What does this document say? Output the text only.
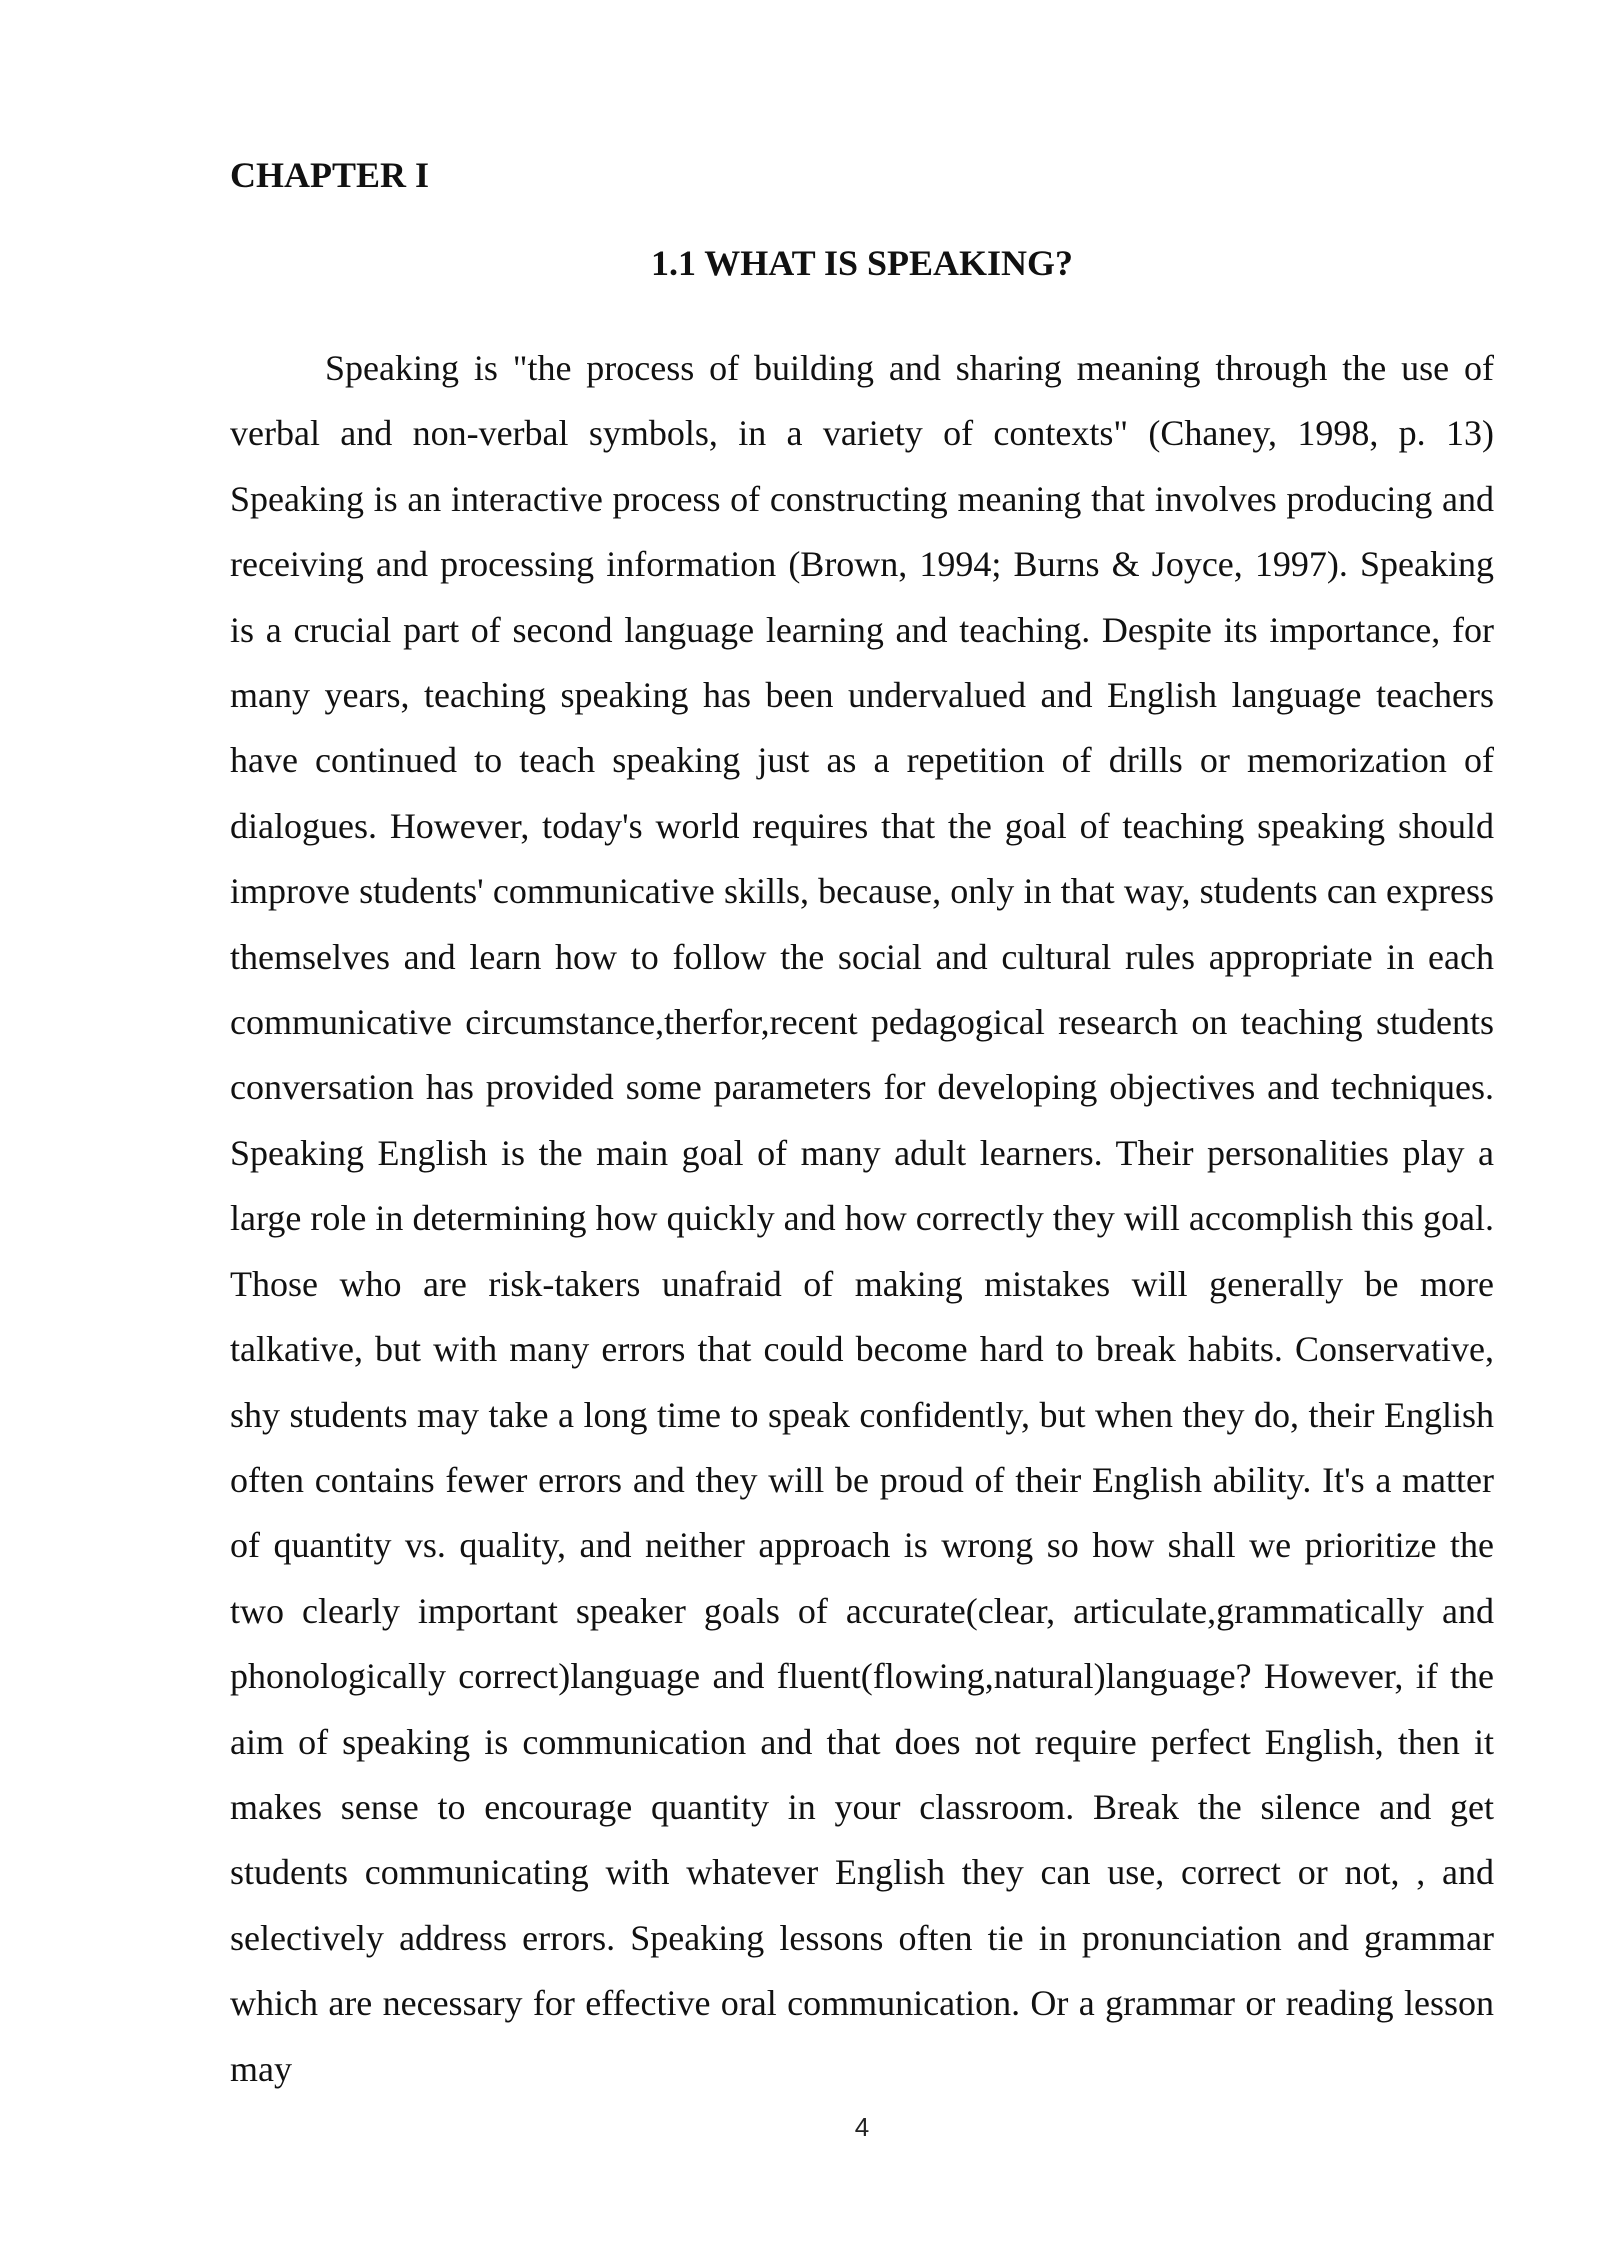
CHAPTER I
1.1 WHAT IS SPEAKING?

Speaking is "the process of building and sharing meaning through the use of verbal and non-verbal symbols, in a variety of contexts" (Chaney, 1998, p. 13) Speaking is an interactive process of constructing meaning that involves producing and receiving and processing information (Brown, 1994; Burns & Joyce, 1997). Speaking is a crucial part of second language learning and teaching. Despite its importance, for many years, teaching speaking has been undervalued and English language teachers have continued to teach speaking just as a repetition of drills or memorization of dialogues. However, today's world requires that the goal of teaching speaking should improve students' communicative skills, because, only in that way, students can express themselves and learn how to follow the social and cultural rules appropriate in each communicative circumstance,therfor,recent pedagogical research on teaching students conversation has provided some parameters for developing objectives and techniques. Speaking English is the main goal of many adult learners. Their personalities play a large role in determining how quickly and how correctly they will accomplish this goal. Those who are risk-takers unafraid of making mistakes will generally be more talkative, but with many errors that could become hard to break habits. Conservative, shy students may take a long time to speak confidently, but when they do, their English often contains fewer errors and they will be proud of their English ability. It's a matter of quantity vs. quality, and neither approach is wrong so how shall we prioritize the two clearly important speaker goals of accurate(clear, articulate,grammatically and phonologically correct)language and fluent(flowing,natural)language? However, if the aim of speaking is communication and that does not require perfect English, then it makes sense to encourage quantity in your classroom. Break the silence and get students communicating with whatever English they can use, correct or not, , and selectively address errors. Speaking lessons often tie in pronunciation and grammar which are necessary for effective oral communication. Or a grammar or reading lesson may

4
